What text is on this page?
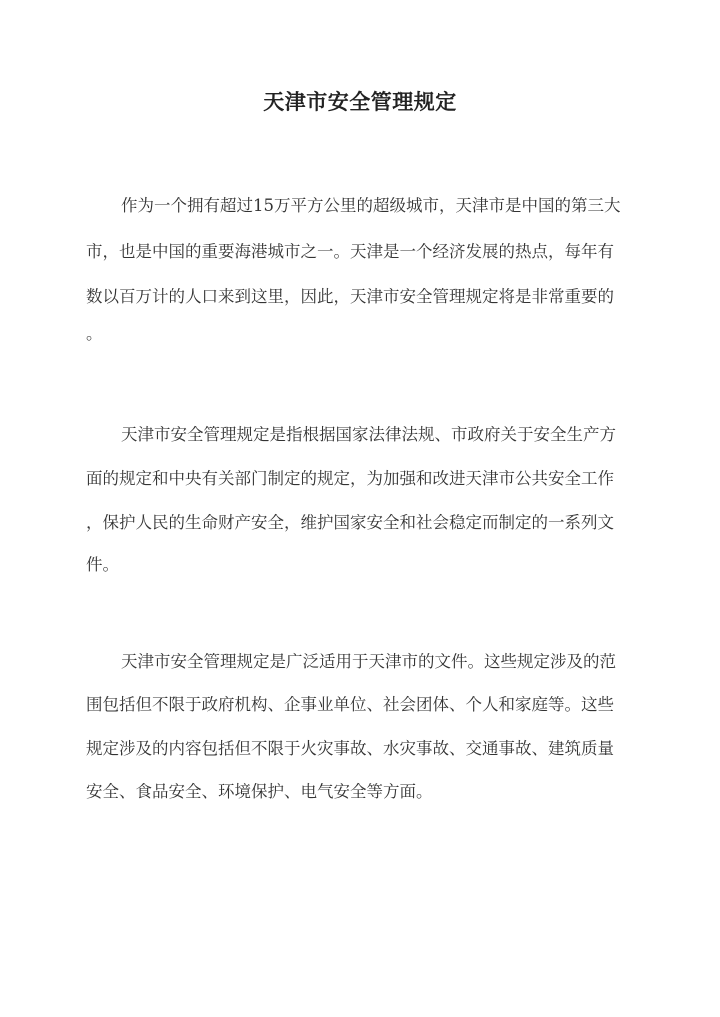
天津市安全管理规定
作为一个拥有超过15万平方公里的超级城市，天津市是中国的第三大
市，也是中国的重要海港城市之一。天津是一个经济发展的热点，每年有
数以百万计的人口来到这里，因此，天津市安全管理规定将是非常重要的
。
天津市安全管理规定是指根据国家法律法规、市政府关于安全生产方
面的规定和中央有关部门制定的规定，为加强和改进天津市公共安全工作
，保护人民的生命财产安全，维护国家安全和社会稳定而制定的一系列文
件。
天津市安全管理规定是广泛适用于天津市的文件。这些规定涉及的范
围包括但不限于政府机构、企事业单位、社会团体、个人和家庭等。这些
规定涉及的内容包括但不限于火灾事故、水灾事故、交通事故、建筑质量
安全、食品安全、环境保护、电气安全等方面。
